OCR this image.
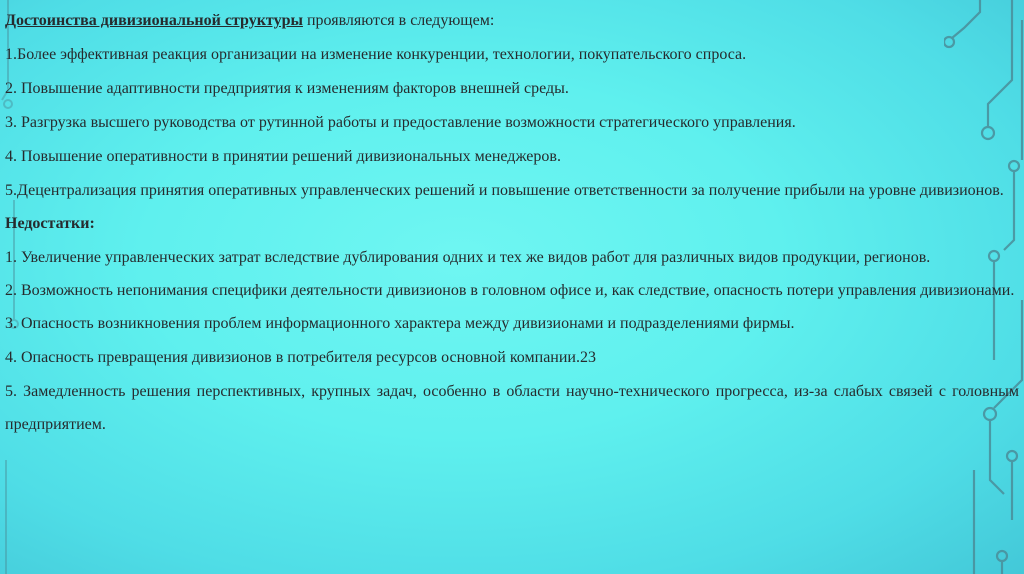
Достоинства дивизиональной структуры проявляются в следующем:

1.Более эффективная реакция организации на изменение конкуренции, технологии, покупательского спроса.

2. Повышение адаптивности предприятия к изменениям факторов внешней среды.

3. Разгрузка высшего руководства от рутинной работы и предоставление возможности стратегического управления.

4. Повышение оперативности в принятии решений дивизиональных менеджеров.

5.Децентрализация принятия оперативных управленческих решений и повышение ответственности за получение прибыли на уровне дивизионов.

Недостатки:

1. Увеличение управленческих затрат вследствие дублирования одних и тех же видов работ для различных видов продукции, регионов.

2. Возможность непонимания специфики деятельности дивизионов в головном офисе и, как следствие, опасность потери управления дивизионами.

3. Опасность возникновения проблем информационного характера между дивизионами и подразделениями фирмы.

4. Опасность превращения дивизионов в потребителя ресурсов основной компании.23

5. Замедленность решения перспективных, крупных задач, особенно в области научно-технического прогресса, из-за слабых связей с головным предприятием.
